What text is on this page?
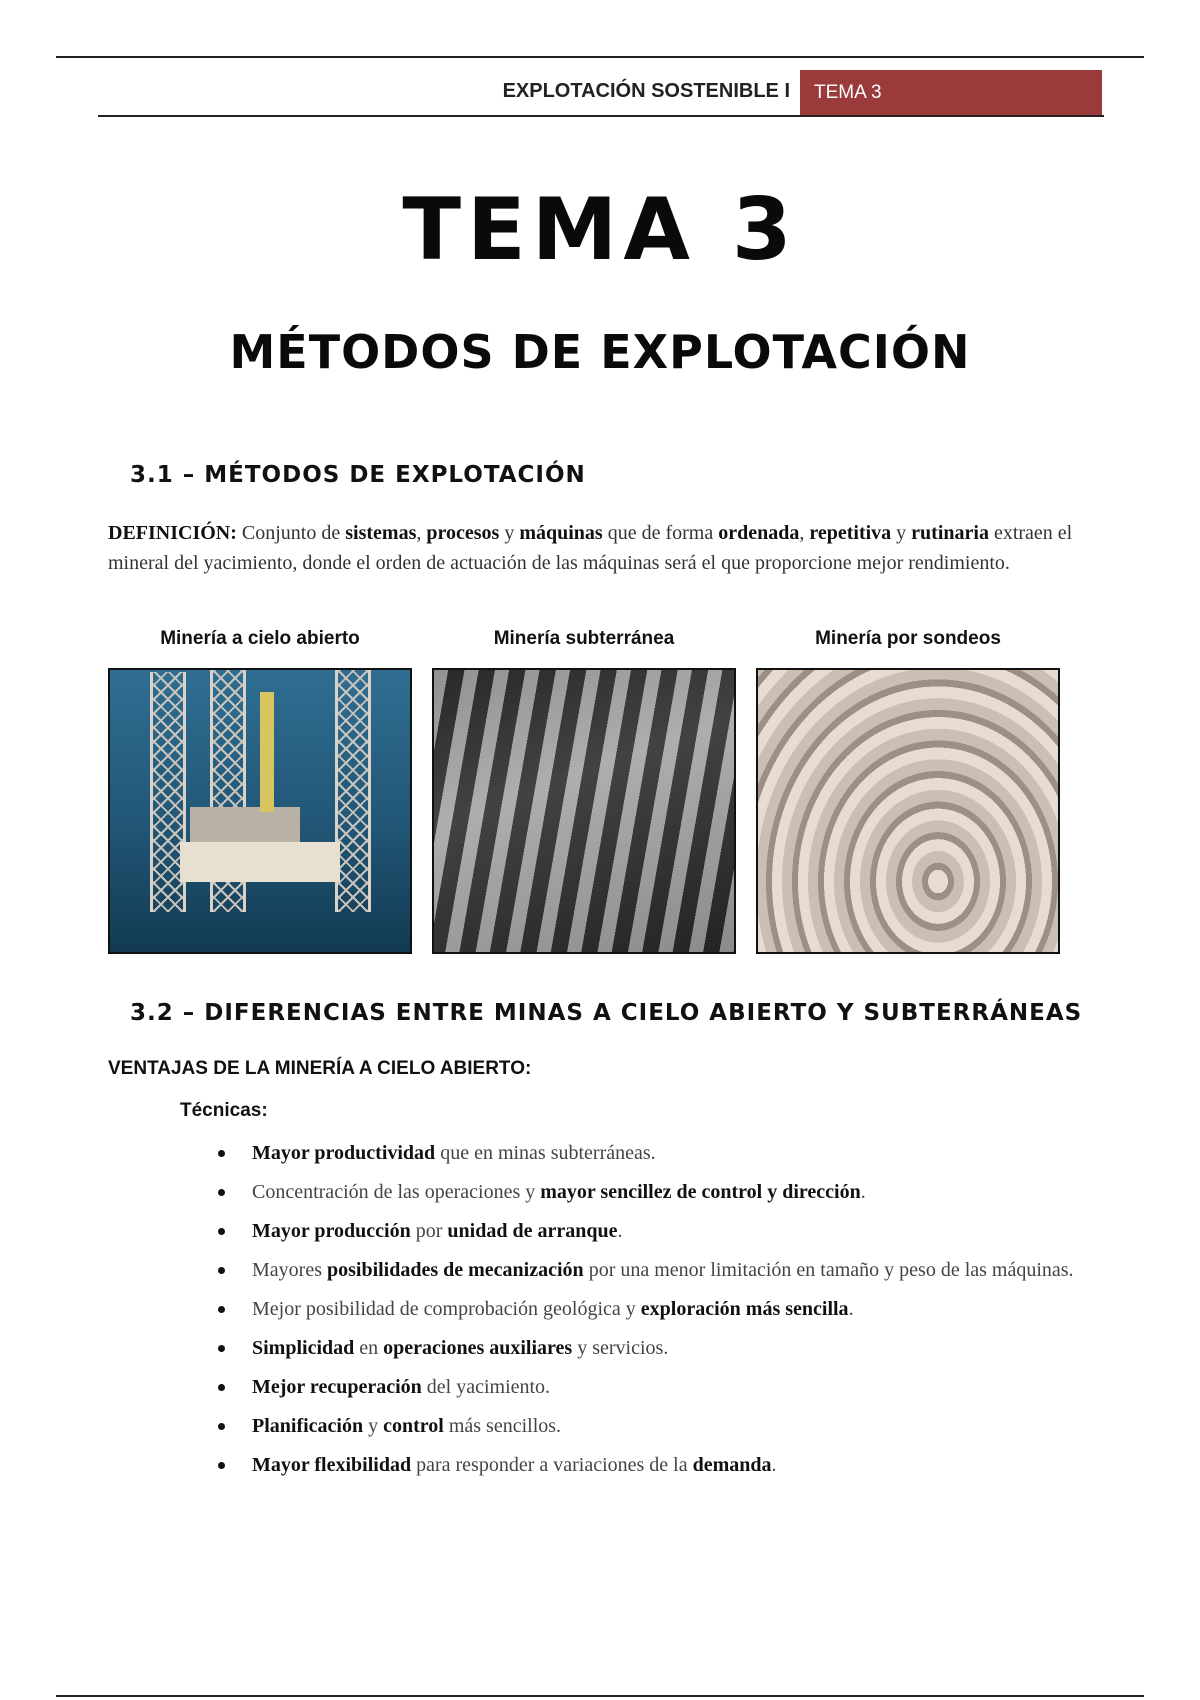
EXPLOTACIÓN SOSTENIBLE I	TEMA 3
TEMA 3
MÉTODOS DE EXPLOTACIÓN
3.1 – MÉTODOS DE EXPLOTACIÓN

DEFINICIÓN: Conjunto de sistemas, procesos y máquinas que de forma ordenada, repetitiva y rutinaria extraen el mineral del yacimiento, donde el orden de actuación de las máquinas será el que proporcione mejor rendimiento.

Minería a cielo abierto	Minería subterránea	Minería por sondeos
3.2 – DIFERENCIAS ENTRE MINAS A CIELO ABIERTO Y SUBTERRÁNEAS
VENTAJAS DE LA MINERÍA A CIELO ABIERTO:
Técnicas:
Mayor productividad que en minas subterráneas.
Concentración de las operaciones y mayor sencillez de control y dirección.
Mayor producción por unidad de arranque.
Mayores posibilidades de mecanización por una menor limitación en tamaño y peso de las máquinas.
Mejor posibilidad de comprobación geológica y exploración más sencilla.
Simplicidad en operaciones auxiliares y servicios.
Mejor recuperación del yacimiento.
Planificación y control más sencillos.
Mayor flexibilidad para responder a variaciones de la demanda.
